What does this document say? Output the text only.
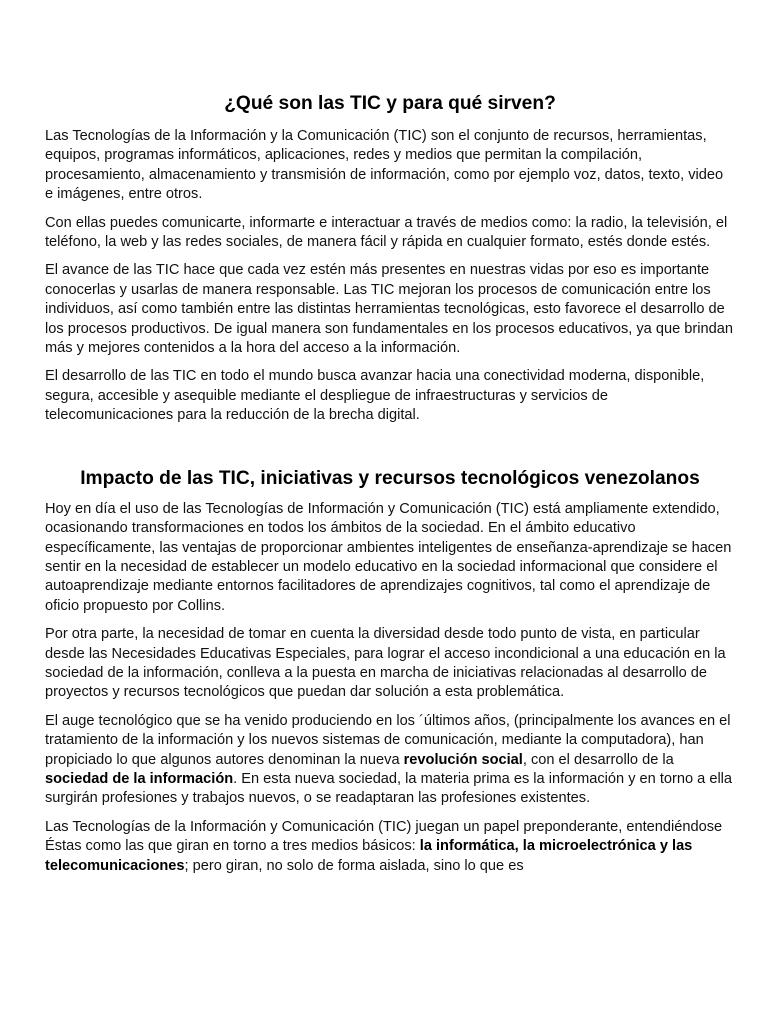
¿Qué son las TIC y para qué sirven?

Las Tecnologías de la Información y la Comunicación (TIC) son el conjunto de recursos, herramientas, equipos, programas informáticos, aplicaciones, redes y medios que permitan la compilación, procesamiento, almacenamiento y transmisión de información, como por ejemplo voz, datos, texto, video e imágenes, entre otros.

Con ellas puedes comunicarte, informarte e interactuar a través de medios como: la radio, la televisión, el teléfono, la web y las redes sociales, de manera fácil y rápida en cualquier formato, estés donde estés.

El avance de las TIC hace que cada vez estén más presentes en nuestras vidas por eso es importante conocerlas y usarlas de manera responsable. Las TIC mejoran los procesos de comunicación entre los individuos, así como también entre las distintas herramientas tecnológicas, esto favorece el desarrollo de los procesos productivos. De igual manera son fundamentales en los procesos educativos, ya que brindan más y mejores contenidos a la hora del acceso a la información.

El desarrollo de las TIC en todo el mundo busca avanzar hacia una conectividad moderna, disponible, segura, accesible y asequible mediante el despliegue de infraestructuras y servicios de telecomunicaciones para la reducción de la brecha digital.

Impacto de las TIC, iniciativas y recursos tecnológicos venezolanos

Hoy en día el uso de las Tecnologías de Información y Comunicación (TIC) está ampliamente extendido, ocasionando transformaciones en todos los ámbitos de la sociedad. En el ámbito educativo específicamente, las ventajas de proporcionar ambientes inteligentes de enseñanza-aprendizaje se hacen sentir en la necesidad de establecer un modelo educativo en la sociedad informacional que considere el autoaprendizaje mediante entornos facilitadores de aprendizajes cognitivos, tal como el aprendizaje de oficio propuesto por Collins.

Por otra parte, la necesidad de tomar en cuenta la diversidad desde todo punto de vista, en particular desde las Necesidades Educativas Especiales, para lograr el acceso incondicional a una educación en la sociedad de la información, conlleva a la puesta en marcha de iniciativas relacionadas al desarrollo de proyectos y recursos tecnológicos que puedan dar solución a esta problemática.

El auge tecnológico que se ha venido produciendo en los ´últimos años, (principalmente los avances en el tratamiento de la información y los nuevos sistemas de comunicación, mediante la computadora), han propiciado lo que algunos autores denominan la nueva revolución social, con el desarrollo de la sociedad de la información. En esta nueva sociedad, la materia prima es la información y en torno a ella surgirán profesiones y trabajos nuevos, o se readaptaran las profesiones existentes.

Las Tecnologías de la Información y Comunicación (TIC) juegan un papel preponderante, entendiéndose Éstas como las que giran en torno a tres medios básicos: la informática, la microelectrónica y las telecomunicaciones; pero giran, no solo de forma aislada, sino lo que es
